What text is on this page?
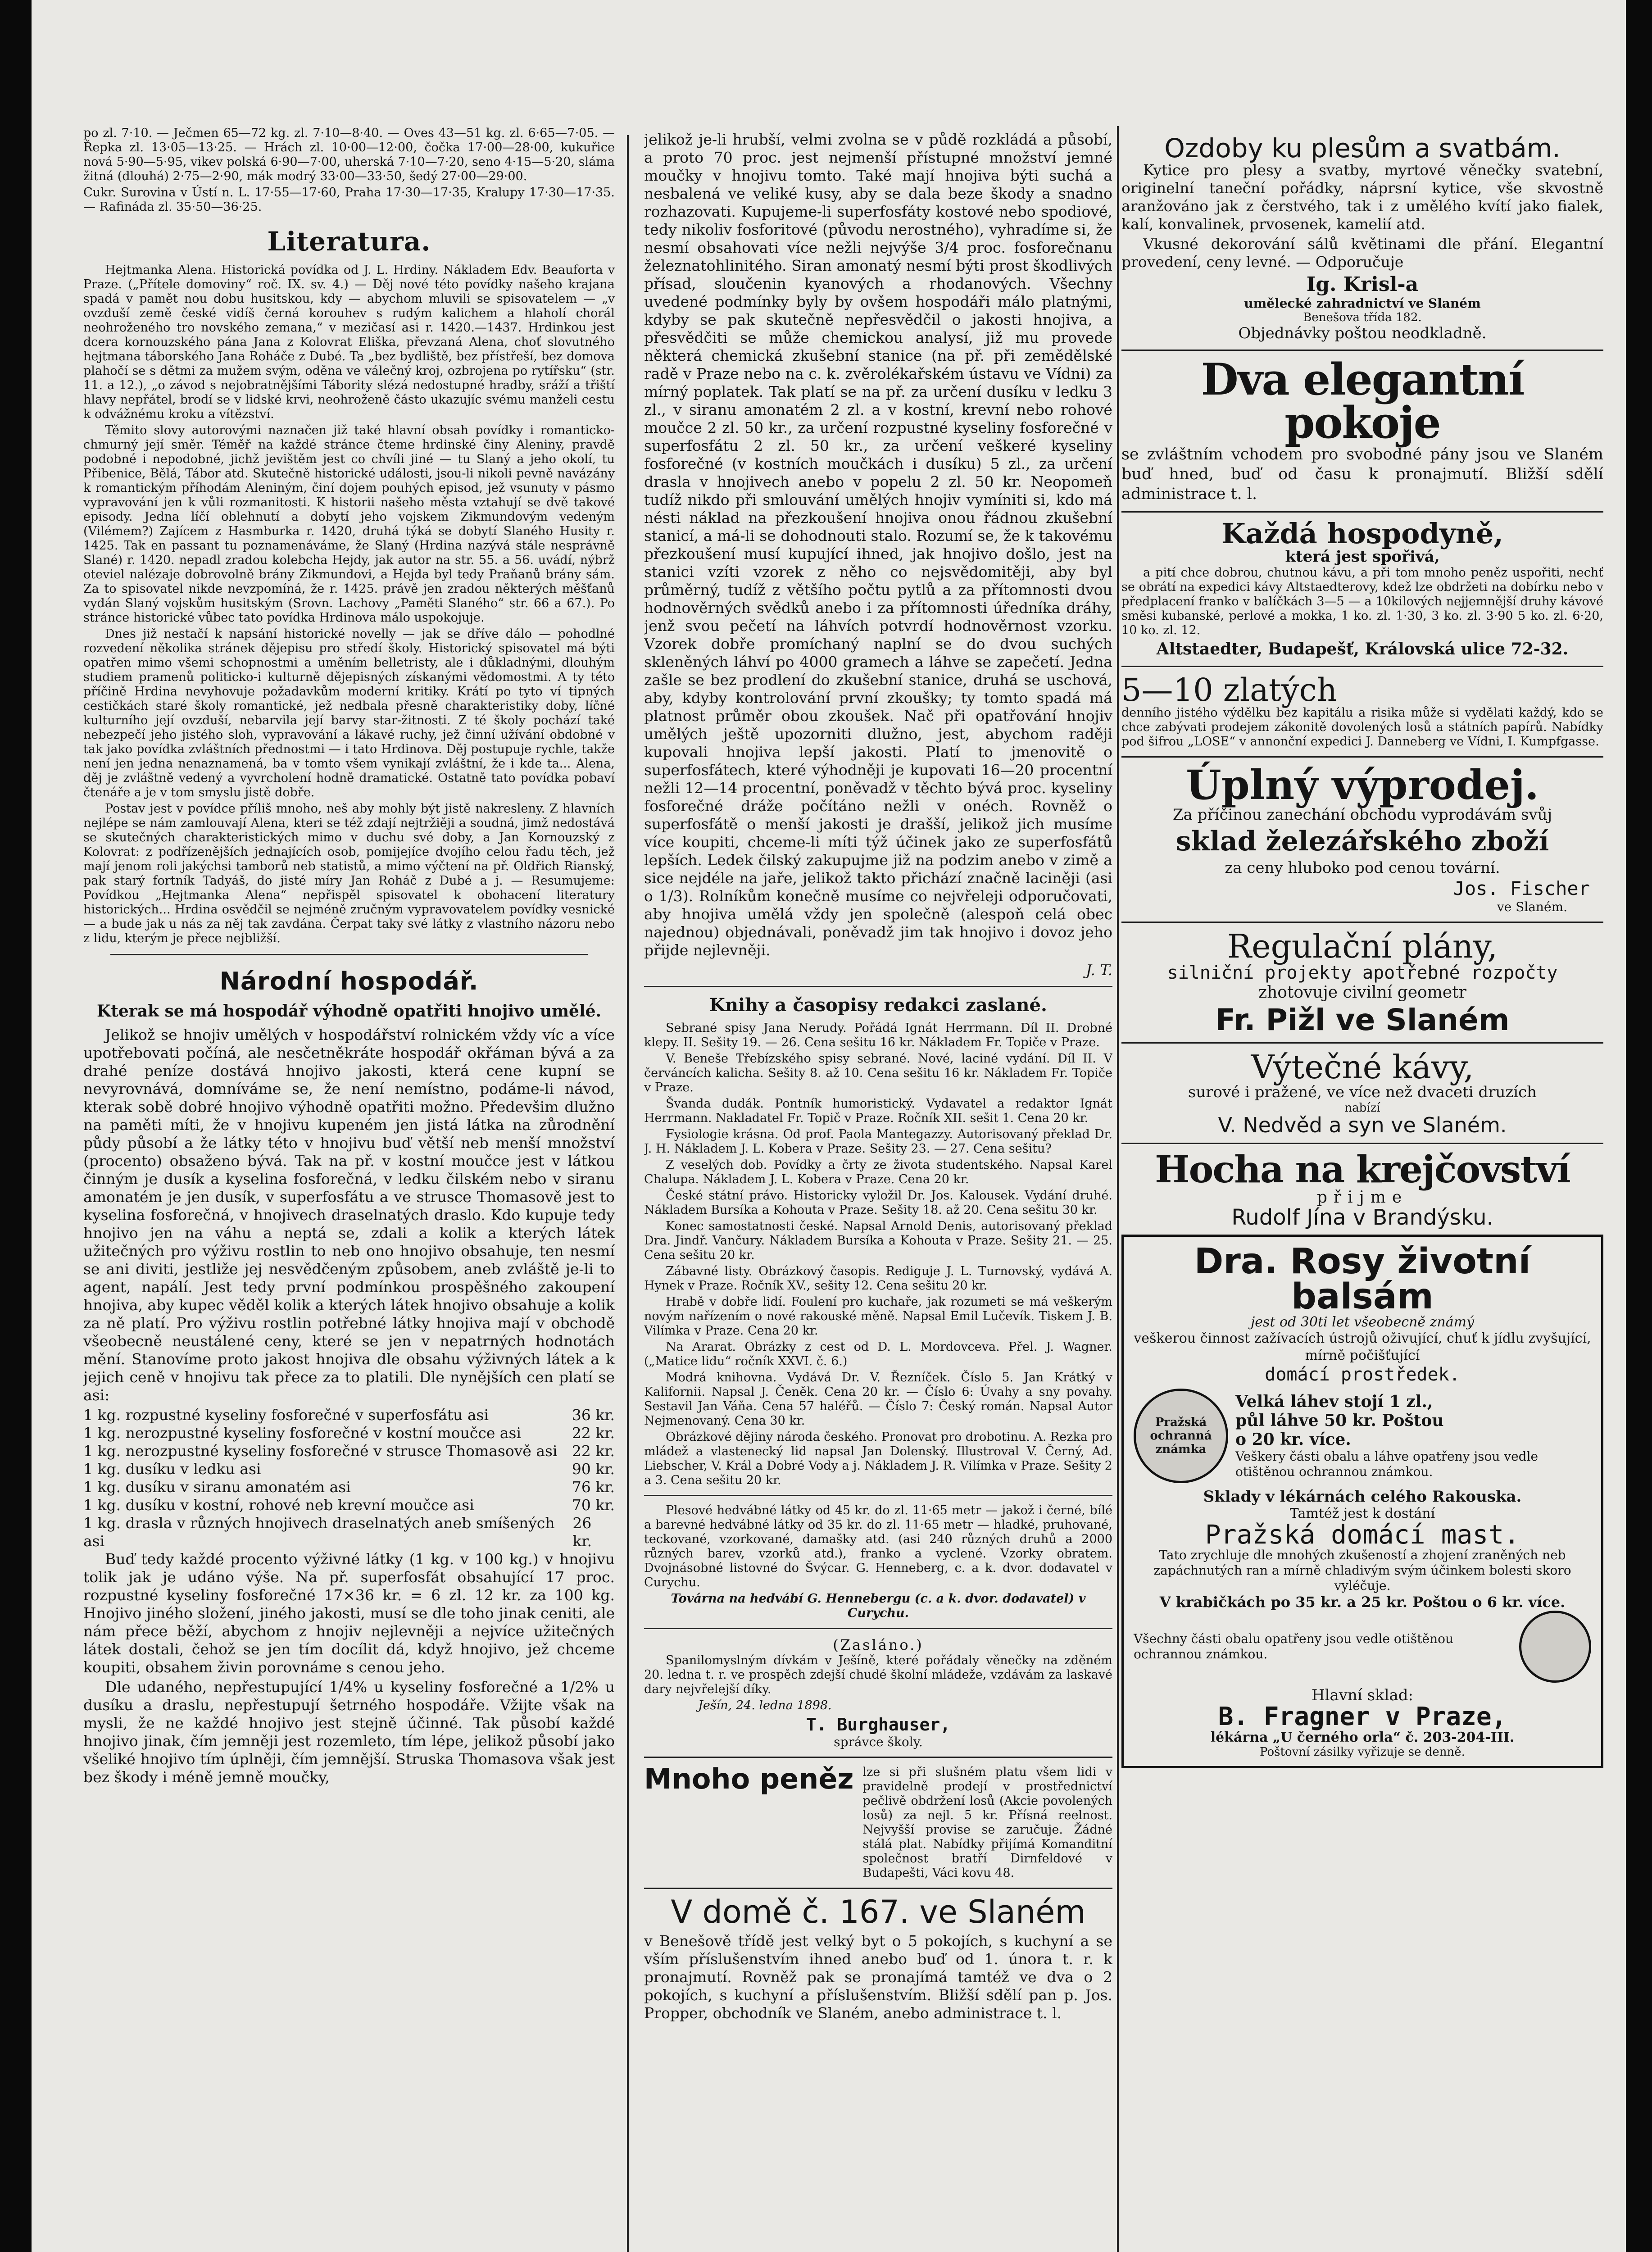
po zl. 7·10. — Ječmen 65—72 kg. zl. 7·10—8·40. — Oves 43—51 kg. zl. 6·65—7·05. — Řepka zl. 13·05—13·25. — Hrách zl. 10·00—12·00, čočka 17·00—28·00, kukuřice nová 5·90—5·95, vikev polská 6·90—7·00, uherská 7·10—7·20, seno 4·15—5·20, sláma žitná (dlouhá) 2·75—2·90, mák modrý 33·00—33·50, šedý 27·00—29·00.

Cukr. Surovina v Ústí n. L. 17·55—17·60, Praha 17·30—17·35, Kralupy 17·30—17·35. — Rafináda zl. 35·50—36·25.

Literatura.

Hejtmanka Alena. Historická povídka od J. L. Hrdiny. Nákladem Edv. Beauforta v Praze. („Přítele domoviny“ roč. IX. sv. 4.) — Děj nové této povídky našeho krajana spadá v pamět nou dobu husitskou, kdy — abychom mluvili se spisovatelem — „v ovzduší země české vidíš černá korouhev s rudým kalichem a hlaholí chorál neohroženého tro novského zemana,“ v mezičasí asi r. 1420.—1437. Hrdinkou jest dcera kornouzského pána Jana z Kolovrat Eliška, převzaná Alena, choť slovutného hejtmana táborského Jana Roháče z Dubé. Ta „bez bydliště, bez přístřeší, bez domova plahočí se s dětmi za mužem svým, oděna ve válečný kroj, ozbrojena po rytířsku“ (str. 11. a 12.), „o závod s nejobratnějšími Tábority slézá nedostupné hradby, sráží a třiští hlavy nepřátel, brodí se v lidské krvi, neohroženě částo ukazujíc svému manželi cestu k odvážnému kroku a vítězství.

Těmito slovy autorovými naznačen již také hlavní obsah povídky i romanticko-chmurný její směr. Téměř na každé stránce čteme hrdinské činy Aleniny, pravdě podobné i nepodobné, jichž jevištěm jest co chvíli jiné — tu Slaný a jeho okolí, tu Přibenice, Bělá, Tábor atd. Skutečně historické události, jsou-li nikoli pevně navázány k romantickým příhodám Aleniným, činí dojem pouhých episod, jež vsunuty v pásmo vypravování jen k vůli rozmanitosti. K historii našeho města vztahují se dvě takové episody. Jedna líčí oblehnutí a dobytí jeho vojskem Zikmundovým vedeným (Vilémem?) Zajícem z Hasmburka r. 1420, druhá týká se dobytí Slaného Husity r. 1425. Tak en passant tu poznamenáváme, že Slaný (Hrdina nazývá stále nesprávně Slané) r. 1420. nepadl zradou kolebcha Hejdy, jak autor na str. 55. a 56. uvádí, nýbrž oteviel nalézaje dobrovolně brány Zikmundovi, a Hejda byl tedy Praňanů brány sám. Za to spisovatel nikde nevzpomíná, že r. 1425. právě jen zradou některých měšťanů vydán Slaný vojskům husitským (Srovn. Lachovy „Paměti Slaného“ str. 66 a 67.). Po stránce historické vůbec tato povídka Hrdinova málo uspokojuje.

Dnes již nestačí k napsání historické novelly — jak se dříve dálo — pohodlné rozvedení několika stránek dějepisu pro středí školy. Historický spisovatel má býti opatřen mimo všemi schopnostmi a uměním belletristy, ale i důkladnými, dlouhým studiem pramenů politicko-i kulturně dějepisných získanými vědomostmi. A ty této příčině Hrdina nevyhovuje požadavkům moderní kritiky. Krátí po tyto ví tipných cestičkách staré školy romantické, jež nedbala přesně charakteristiky doby, líčné kulturního její ovzduší, nebarvila její barvy star-žitnosti. Z té školy pochází také nebezpečí jeho jistého sloh, vypravování a lákavé ruchy, jež činní užívání obdobné v tak jako povídka zvláštních přednostmi — i tato Hrdinova. Děj postupuje rychle, takže není jen jedna nenaznamená, ba v tomto všem vynikají zvláštní, že i kde ta... Alena, děj je zvláštně vedený a vyvrcholení hodně dramatické. Ostatně tato povídka pobaví čtenáře a je v tom smyslu jistě dobře.

Postav jest v povídce příliš mnoho, neš aby mohly být jistě nakresleny. Z hlavních nejlépe se nám zamlouvají Alena, kteri se též zdají nejtržiěji a soudná, jimž nedostává se skutečných charakteristických mimo v duchu své doby, a Jan Kornouzský z Kolovrat: z podřízenějších jednajících osob, pomijejíce dvojího celou řadu těch, jež mají jenom roli jakýchsi tamborů neb statistů, a mimo výčtení na př. Oldřich Rianský, pak starý fortník Tadyáš, do jisté míry Jan Roháč z Dubé a j. — Resumujeme: Povídkou „Hejtmanka Alena“ nepřispěl spisovatel k obohacení literatury historických... Hrdina osvědčil se nejméně zručným vypravovatelem povídky vesnické — a bude jak u nás za něj tak zavdána. Čerpat taky své látky z vlastního názoru nebo z lidu, kterým je přece nejbližší.

Národní hospodář.
Kterak se má hospodář výhodně opatřiti hnojivo umělé.

Jelikož se hnojiv umělých v hospodářství rolnickém vždy víc a více upotřebovati počíná, ale nesčetněkráte hospodář okřáman bývá a za drahé peníze dostává hnojivo jakosti, která cene kupní se nevyrovnává, domníváme se, že není nemístno, podáme-li návod, kterak sobě dobré hnojivo výhodně opatřiti možno. Předevšim dlužno na paměti míti, že v hnojivu kupeném jen jistá látka na zůrodnění půdy působí a že látky této v hnojivu buď větší neb menší množství (procento) obsaženo bývá. Tak na př. v kostní moučce jest v látkou činným je dusík a kyselina fosforečná, v ledku čilském nebo v siranu amonatém je jen dusík, v superfosfátu a ve strusce Thomasově jest to kyselina fosforečná, v hnojivech draselnatých draslo. Kdo kupuje tedy hnojivo jen na váhu a neptá se, zdali a kolik a kterých látek užitečných pro výživu rostlin to neb ono hnojivo obsahuje, ten nesmí se ani diviti, jestliže jej nesvědčeným způsobem, aneb zvláště je-li to agent, napálí. Jest tedy první podmínkou prospěšného zakoupení hnojiva, aby kupec věděl kolik a kterých látek hnojivo obsahuje a kolik za ně platí. Pro výživu rostlin potřebné látky hnojiva mají v obchodě všeobecně neustálené ceny, které se jen v nepatrných hodnotách mění. Stanovíme proto jakost hnojiva dle obsahu výživných látek a k jejich ceně v hnojivu tak přece za to platili. Dle nynějších cen platí se asi:

1 kg. rozpustné kyseliny fosforečné v superfosfátu asi	36 kr.
1 kg. nerozpustné kyseliny fosforečné v kostní moučce asi	22 kr.
1 kg. nerozpustné kyseliny fosforečné v strusce Thomasově asi 22 kr.
1 kg. dusíku v ledku asi	90 kr.
1 kg. dusíku v siranu amonatém asi	76 kr.
1 kg. dusíku v kostní, rohové neb krevní moučce asi	70 kr.
1 kg. drasla v různých hnojivech draselnatých aneb smíšených asi
26 kr.

Buď tedy každé procento výživné látky (1 kg. v 100 kg.) v hnojivu tolik jak je udáno výše. Na př. superfosfát obsahující 17 proc. rozpustné kyseliny fosforečné 17×36 kr. = 6 zl. 12 kr. za 100 kg. Hnojivo jiného složení, jiného jakosti, musí se dle toho jinak ceniti, ale nám přece běží, abychom z hnojiv nejlevněji a nejvíce užitečných látek dostali, čehož se jen tím docílit dá, když hnojivo, jež chceme koupiti, obsahem živin porovnáme s cenou jeho.

Dle udaného, nepřestupující 1/4% u kyseliny fosforečné a 1/2% u dusíku a draslu, nepřestupují šetrného hospodáře. Vžijte však na mysli, že ne každé hnojivo jest stejně účinné. Tak působí každé hnojivo jinak, čím jemněji jest rozemleto, tím lépe, jelikož působí jako všeliké hnojivo tím úplněji, čím jemnější. Struska Thomasova však jest bez škody i méně jemně moučky,

jelikož je-li hrubší, velmi zvolna se v půdě rozkládá a působí, a proto 70 proc. jest nejmenší přístupné množství jemné moučky v hnojivu tomto. Také mají hnojiva býti suchá a nesbalená ve veliké kusy, aby se dala beze škody a snadno rozhazovati. Kupujeme-li superfosfáty kostové nebo spodiové, tedy nikoliv fosforitové (původu nerostného), vyhradíme si, že nesmí obsahovati více nežli nejvýše 3/4 proc. fosforečnanu železnatohlinitého. Siran amonatý nesmí býti prost škodlivých přísad, sloučenin kyanových a rhodanových. Všechny uvedené podmínky byly by ovšem hospodáři málo platnými, kdyby se pak skutečně nepřesvědčil o jakosti hnojiva, a přesvědčiti se může chemickou analysí, již mu provede některá chemická zkušební stanice (na př. při zemědělské radě v Praze nebo na c. k. zvěrolékařském ústavu ve Vídni) za mírný poplatek. Tak platí se na př. za určení dusíku v ledku 3 zl., v siranu amonatém 2 zl. a v kostní, krevní nebo rohové moučce 2 zl. 50 kr., za určení rozpustné kyseliny fosforečné v superfosfátu 2 zl. 50 kr., za určení veškeré kyseliny fosforečné (v kostních moučkách i dusíku) 5 zl., za určení drasla v hnojivech anebo v popelu 2 zl. 50 kr. Neopomeň tudíž nikdo při smlouvání umělých hnojiv vymíniti si, kdo má nésti náklad na přezkoušení hnojiva onou řádnou zkušební stanicí, a má-li se dohodnouti stalo. Rozumí se, že k takovému přezkoušení musí kupující ihned, jak hnojivo došlo, jest na stanici vzíti vzorek z něho co nejsvědomitěji, aby byl průměrný, tudíž z většího počtu pytlů a za přítomnosti dvou hodnověrných svědků anebo i za přítomnosti úředníka dráhy, jenž svou pečetí na láhvích potvrdí hodnověrnost vzorku. Vzorek dobře promíchaný naplní se do dvou suchých skleněných láhví po 4000 gramech a láhve se zapečetí. Jedna zašle se bez prodlení do zkušební stanice, druhá se uschová, aby, kdyby kontrolování první zkoušky; ty tomto spadá má platnost průměr obou zkoušek. Nač při opatřování hnojiv umělých ještě upozorniti dlužno, jest, abychom raději kupovali hnojiva lepší jakosti. Platí to jmenovitě o superfosfátech, které výhodněji je kupovati 16—20 procentní nežli 12—14 procentní, poněvadž v těchto bývá proc. kyseliny fosforečné dráže počítáno nežli v onéch. Rovněž o superfosfátě o menší jakosti je drašší, jelikož jich musíme více koupiti, chceme-li míti týž účinek jako ze superfosfátů lepších. Ledek čilský zakupujme již na podzim anebo v zimě a sice nejdéle na jaře, jelikož takto přichází značně laciněji (asi o 1/3). Rolníkům konečně musíme co nejvřeleji odporučovati, aby hnojiva umělá vždy jen společně (alespoň celá obec najednou) objednávali, poněvadž jim tak hnojivo i dovoz jeho přijde nejlevněji.

J. T.
Knihy a časopisy redakci zaslané.

Sebrané spisy Jana Nerudy. Pořádá Ignát Herrmann. Díl II. Drobné klepy. II. Sešity 19. — 26. Cena sešitu 16 kr. Nákladem Fr. Topiče v Praze.

V. Beneše Třebízského spisy sebrané. Nové, laciné vydání. Díl II. V červáncích kalicha. Sešity 8. až 10. Cena sešitu 16 kr. Nákladem Fr. Topiče v Praze.

Švanda dudák. Pontník humoristický. Vydavatel a redaktor Ignát Herrmann. Nakladatel Fr. Topič v Praze. Ročník XII. sešit 1. Cena 20 kr.

Fysiologie krásna. Od prof. Paola Mantegazzy. Autorisovaný překlad Dr. J. H. Nákladem J. L. Kobera v Praze. Sešity 23. — 27. Cena sešitu?

Z veselých dob. Povídky a črty ze života studentského. Napsal Karel Chalupa. Nákladem J. L. Kobera v Praze. Cena 20 kr.

České státní právo. Historicky vyložil Dr. Jos. Kalousek. Vydání druhé. Nákladem Bursíka a Kohouta v Praze. Sešity 18. až 20. Cena sešitu 30 kr.

Konec samostatnosti české. Napsal Arnold Denis, autorisovaný překlad Dra. Jindř. Vančury. Nákladem Bursíka a Kohouta v Praze. Sešity 21. — 25. Cena sešitu 20 kr.

Zábavné listy. Obrázkový časopis. Rediguje J. L. Turnovský, vydává A. Hynek v Praze. Ročník XV., sešity 12. Cena sešitu 20 kr.

Hrabě v dobře lidí. Foulení pro kuchaře, jak rozumeti se má veškerým novým nařízením o nové rakouské měně. Napsal Emil Lučevík. Tiskem J. B. Vilímka v Praze. Cena 20 kr.

Na Ararat. Obrázky z cest od D. L. Mordovceva. Přel. J. Wagner. („Matice lidu“ ročník XXVI. č. 6.)

Modrá knihovna. Vydává Dr. V. Řezníček. Číslo 5. Jan Krátký v Kalifornii. Napsal J. Čeněk. Cena 20 kr. — Číslo 6: Úvahy a sny povahy. Sestavil Jan Váňa. Cena 57 haléřů. — Číslo 7: Český román. Napsal Autor Nejmenovaný. Cena 30 kr.

Obrázkové dějiny národa českého. Pronovat pro drobotinu. A. Rezka pro mládež a vlastenecký lid napsal Jan Dolenský. Illustroval V. Černý, Ad. Liebscher, V. Král a Dobré Vody a j. Nákladem J. R. Vilímka v Praze. Sešity 2 a 3. Cena sešitu 20 kr.

Plesové hedvábné látky od 45 kr. do zl. 11·65 metr — jakož i černé, bílé a barevné hedvábné látky od 35 kr. do zl. 11·65 metr — hladké, pruhované, teckované, vzorkované, damašky atd. (asi 240 různých druhů a 2000 různých barev, vzorků atd.), franko a vyclené. Vzorky obratem. Dvojnásobné listovné do Švýcar. G. Henneberg, c. a k. dvor. dodavatel v Curychu.

Továrna na hedvábí G. Hennebergu (c. a k. dvor. dodavatel) v Curychu.

(Zasláno.)

Spanilomyslným dívkám v Ješíně, které pořádaly věnečky na zděném 20. ledna t. r. ve prospěch zdejší chudé školní mládeže, vzdávám za laskavé dary nejvřelejší díky.

Ješín, 24. ledna 1898.
T. Burghauser,
správce školy.
Mnoho peněz lze si při slušném platu všem lidi v pravidelně prodejí v prostřednictví pečlivě obdržení losů (Akcie povolených losů) za nejl. 5 kr. Přísná reelnost. Nejvyšší provise se zaručuje. Žádné stálá plat. Nabídky přijímá Komanditní společnost bratří Dirnfeldové v Budapešti, Váci kovu 48.

V domě č. 167. ve Slaném

v Benešově třídě jest velký byt o 5 pokojích, s kuchyní a se vším příslušenstvím ihned anebo buď od 1. února t. r. k pronajmutí. Rovněž pak se pronajímá tamtéž ve dva o 2 pokojích, s kuchyní a příslušenstvím. Bližší sdělí pan p. Jos. Propper, obchodník ve Slaném, anebo administrace t. l.

Ozdoby ku plesům a svatbám.

Kytice pro plesy a svatby, myrtové věnečky svatební, originelní taneční pořádky, náprsní kytice, vše skvostně aranžováno jak z čerstvého, tak i z umělého kvítí jako fialek, kalí, konvalinek, prvosenek, kamelií atd.

Vkusné dekorování sálů květinami dle přání. Elegantní provedení, ceny levné. — Odporučuje

Ig. Krisl-a
umělecké zahradnictví ve Slaném
Benešova třída 182.
Objednávky poštou neodkladně.
Dva elegantní pokoje

se zvláštním vchodem pro svobodné pány jsou ve Slaném buď hned, buď od času k pronajmutí. Bližší sdělí administrace t. l.

Každá hospodyně,
která jest spořivá,

a pití chce dobrou, chutnou kávu, a při tom mnoho peněz uspořiti, nechť se obrátí na expedici kávy Altstaedterovy, kdež lze obdržeti na dobírku nebo v předplacení franko v balíčkách 3—5 — a 10kilových nejjemnější druhy kávové směsi kubanské, perlové a mokka, 1 ko. zl. 1·30, 3 ko. zl. 3·90 5 ko. zl. 6·20, 10 ko. zl. 12.

Altstaedter, Budapešť, Královská ulice 72-32.
5—10 zlatých

denního jistého výdělku bez kapitálu a risika může si vydělati každý, kdo se chce zabývati prodejem zákonitě dovolených losů a státních papírů. Nabídky pod šifrou „LOSE“ v annonční expedici J. Danneberg ve Vídni, I. Kumpfgasse.

Úplný výprodej.
Za příčinou zanechání obchodu vyprodávám svůj
sklad železářského zboží
za ceny hluboko pod cenou tovární.
Jos. Fischer
ve Slaném.
Regulační plány,
silniční projekty apotřebné rozpočty
zhotovuje civilní geometr
Fr. Pižl ve Slaném
Výtečné kávy,
surové i pražené, ve více než dvaceti druzích
nabízí
V. Nedvěd a syn ve Slaném.
Hocha na krejčovství
přijme
Rudolf Jína v Brandýsku.
Dra. Rosy životní balsám
jest od 30ti let všeobecně známý
veškerou činnost zažívacích ústrojů oživující, chuť k jídlu zvyšující, mírně počišťující
domácí prostředek.
Pražská ochranná známka
Velká láhev stojí 1 zl.,
půl láhve 50 kr. Poštou
o 20 kr. více.
Veškery části obalu a láhve opatřeny jsou vedle otištěnou ochrannou známkou.
Sklady v lékárnách celého Rakouska.
Tamtéž jest k dostání
Pražská domácí mast.
Tato zrychluje dle mnohých zkušeností a zhojení zraněných neb zapáchnutých ran a mírně chladivým svým účinkem bolesti skoro vyléčuje.
V krabičkách po 35 kr. a 25 kr. Poštou o 6 kr. více.
Všechny části obalu opatřeny jsou vedle otištěnou ochrannou známkou.
Hlavní sklad:
B. Fragner v Praze,
lékárna „U černého orla“ č. 203-204-III.
Poštovní zásilky vyřizuje se denně.
